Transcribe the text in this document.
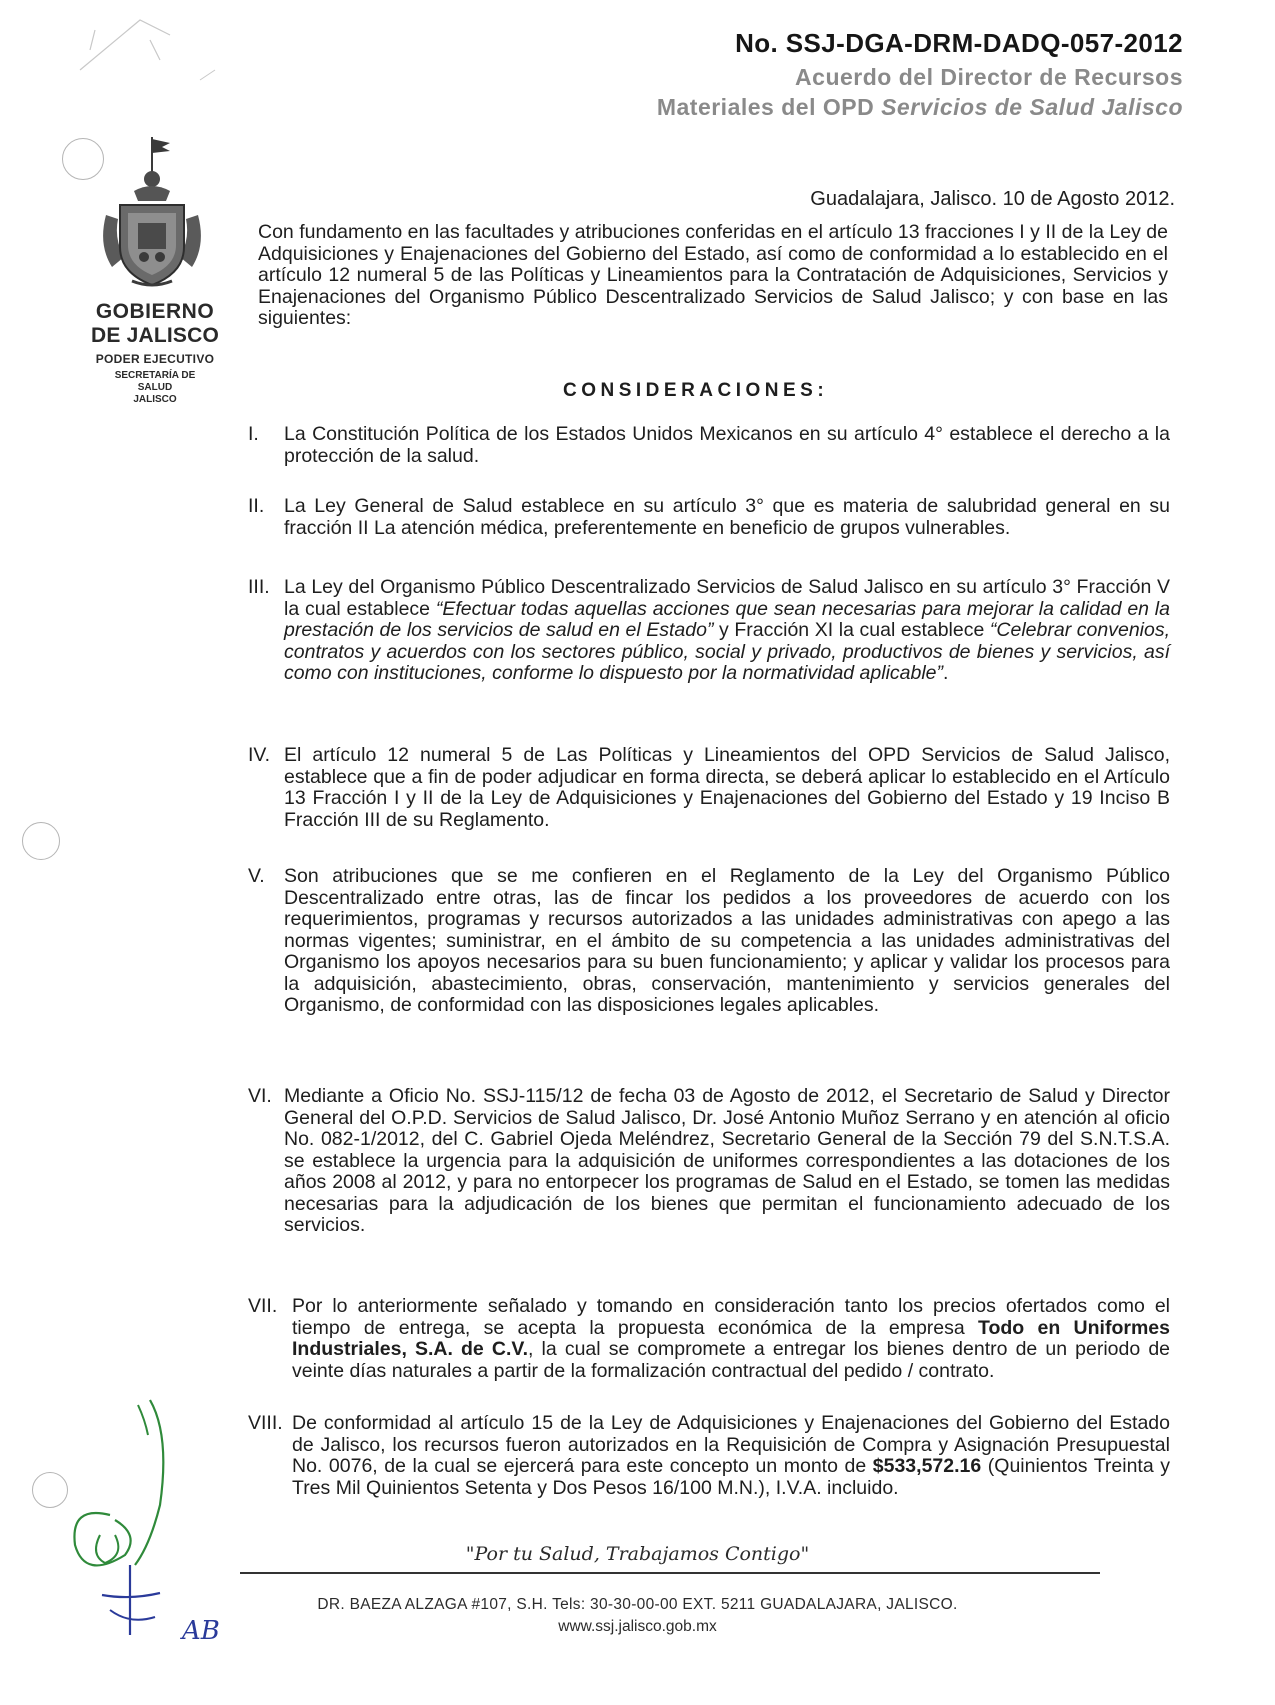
No. SSJ-DGA-DRM-DADQ-057-2012
Acuerdo del Director de Recursos
Materiales del OPD Servicios de Salud Jalisco
GOBIERNO
DE JALISCO
PODER EJECUTIVO
SECRETARÍA DE
SALUD
JALISCO
Guadalajara, Jalisco. 10 de Agosto 2012.
Con fundamento en las facultades y atribuciones conferidas en el artículo 13 fracciones I y II de la Ley de Adquisiciones y Enajenaciones del Gobierno del Estado, así como de conformidad a lo establecido en el artículo 12 numeral 5 de las Políticas y Lineamientos para la Contratación de Adquisiciones, Servicios y Enajenaciones del Organismo Público Descentralizado Servicios de Salud Jalisco; y con base en las siguientes:
CONSIDERACIONES:
I. La Constitución Política de los Estados Unidos Mexicanos en su artículo 4° establece el derecho a la protección de la salud.
II. La Ley General de Salud establece en su artículo 3° que es materia de salubridad general en su fracción II La atención médica, preferentemente en beneficio de grupos vulnerables.
III. La Ley del Organismo Público Descentralizado Servicios de Salud Jalisco en su artículo 3° Fracción V la cual establece “Efectuar todas aquellas acciones que sean necesarias para mejorar la calidad en la prestación de los servicios de salud en el Estado” y Fracción XI la cual establece “Celebrar convenios, contratos y acuerdos con los sectores público, social y privado, productivos de bienes y servicios, así como con instituciones, conforme lo dispuesto por la normatividad aplicable”.
IV. El artículo 12 numeral 5 de Las Políticas y Lineamientos del OPD Servicios de Salud Jalisco, establece que a fin de poder adjudicar en forma directa, se deberá aplicar lo establecido en el Artículo 13 Fracción I y II de la Ley de Adquisiciones y Enajenaciones del Gobierno del Estado y 19 Inciso B Fracción III de su Reglamento.
V. Son atribuciones que se me confieren en el Reglamento de la Ley del Organismo Público Descentralizado entre otras, las de fincar los pedidos a los proveedores de acuerdo con los requerimientos, programas y recursos autorizados a las unidades administrativas con apego a las normas vigentes; suministrar, en el ámbito de su competencia a las unidades administrativas del Organismo los apoyos necesarios para su buen funcionamiento; y aplicar y validar los procesos para la adquisición, abastecimiento, obras, conservación, mantenimiento y servicios generales del Organismo, de conformidad con las disposiciones legales aplicables.
VI. Mediante a Oficio No. SSJ-115/12 de fecha 03 de Agosto de 2012, el Secretario de Salud y Director General del O.P.D. Servicios de Salud Jalisco, Dr. José Antonio Muñoz Serrano y en atención al oficio No. 082-1/2012, del C. Gabriel Ojeda Meléndrez, Secretario General de la Sección 79 del S.N.T.S.A. se establece la urgencia para la adquisición de uniformes correspondientes a las dotaciones de los años 2008 al 2012, y para no entorpecer los programas de Salud en el Estado, se tomen las medidas necesarias para la adjudicación de los bienes que permitan el funcionamiento adecuado de los servicios.
VII. Por lo anteriormente señalado y tomando en consideración tanto los precios ofertados como el tiempo de entrega, se acepta la propuesta económica de la empresa Todo en Uniformes Industriales, S.A. de C.V., la cual se compromete a entregar los bienes dentro de un periodo de veinte días naturales a partir de la formalización contractual del pedido / contrato.
VIII. De conformidad al artículo 15 de la Ley de Adquisiciones y Enajenaciones del Gobierno del Estado de Jalisco, los recursos fueron autorizados en la Requisición de Compra y Asignación Presupuestal No. 0076, de la cual se ejercerá para este concepto un monto de $533,572.16 (Quinientos Treinta y Tres Mil Quinientos Setenta y Dos Pesos 16/100 M.N.), I.V.A. incluido.
AB
"Por tu Salud, Trabajamos Contigo"
DR. BAEZA ALZAGA #107, S.H. Tels: 30-30-00-00 EXT. 5211 GUADALAJARA, JALISCO.
www.ssj.jalisco.gob.mx
